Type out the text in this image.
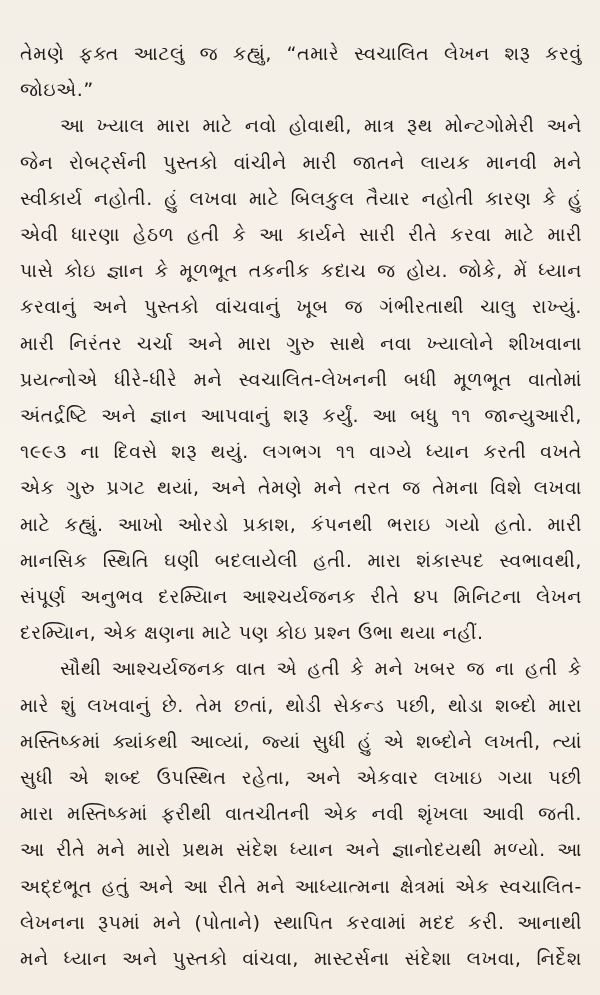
તેમણે ફક્ત આટલું જ કહ્યું, “તમારે સ્વચાલિત લેખન શરૂ કરવું
જોઇએ.”
આ ખ્યાલ મારા માટે નવો હોવાથી, માત્ર રૂથ મોન્ટગોમેરી અને
જેન રોબર્ટ્સની પુસ્તકો વાંચીને મારી જાતને લાયક માનવી મને
સ્વીકાર્ય નહોતી. હું લખવા માટે બિલકુલ તૈયાર નહોતી કારણ કે હું
એવી ધારણા હેઠળ હતી કે આ કાર્યને સારી રીતે કરવા માટે મારી
પાસે કોઇ જ્ઞાન કે મૂળભૂત તકનીક કદાચ જ હોય. જોકે, મેં ધ્યાન
કરવાનું અને પુસ્તકો વાંચવાનું ખૂબ જ ગંભીરતાથી ચાલુ રાખ્યું.
મારી નિરંતર ચર્ચા અને મારા ગુરુ સાથે નવા ખ્યાલોને શીખવાના
પ્રયત્નોએ ધીરે-ધીરે મને સ્વચાલિત-લેખનની બધી મૂળભૂત વાતોમાં
અંતર્દ્રષ્ટિ અને જ્ઞાન આપવાનું શરૂ કર્યું. આ બધુ ૧૧ જાન્યુઆરી,
૧૯૯૩ ના દિવસે શરૂ થયું. લગભગ ૧૧ વાગ્યે ધ્યાન કરતી વખતે
એક ગુરુ પ્રગટ થયાં, અને તેમણે મને તરત જ તેમના વિશે લખવા
માટે કહ્યું. આખો ઓરડો પ્રકાશ, કંપનથી ભરાઇ ગયો હતો. મારી
માનસિક સ્થિતિ ઘણી બદલાયેલી હતી. મારા શંકાસ્પદ સ્વભાવથી,
સંપૂર્ણ અનુભવ દરમ્યિાન આશ્ચર્યજનક રીતે ૪૫ મિનિટના લેખન
દરમ્યિાન, એક ક્ષણના માટે પણ કોઇ પ્રશ્ન ઉભા થયા નહીં.
સૌથી આશ્ચર્યજનક વાત એ હતી કે મને ખબર જ ના હતી કે
મારે શું લખવાનું છે. તેમ છતાં, થોડી સેકન્ડ પછી, થોડા શબ્દો મારા
મસ્તિષ્કમાં ક્યાંકથી આવ્યાં, જ્યાં સુધી હું એ શબ્દોને લખતી, ત્યાં
સુધી એ શબ્દ ઉપસ્થિત રહેતા, અને એકવાર લખાઇ ગયા પછી
મારા મસ્તિષ્કમાં ફરીથી વાતચીતની એક નવી શૃંખલા આવી જતી.
આ રીતે મને મારો પ્રથમ સંદેશ ધ્યાન અને જ્ઞાનોદયથી મળ્યો. આ
અદ્દભૂત હતું અને આ રીતે મને આધ્યાત્મના ક્ષેત્રમાં એક સ્વચાલિત-
લેખનના રૂપમાં મને (પોતાને) સ્થાપિત કરવામાં મદદ કરી. આનાથી
મને ધ્યાન અને પુસ્તકો વાંચવા, માસ્ટર્સના સંદેશા લખવા, નિર્દેશ
